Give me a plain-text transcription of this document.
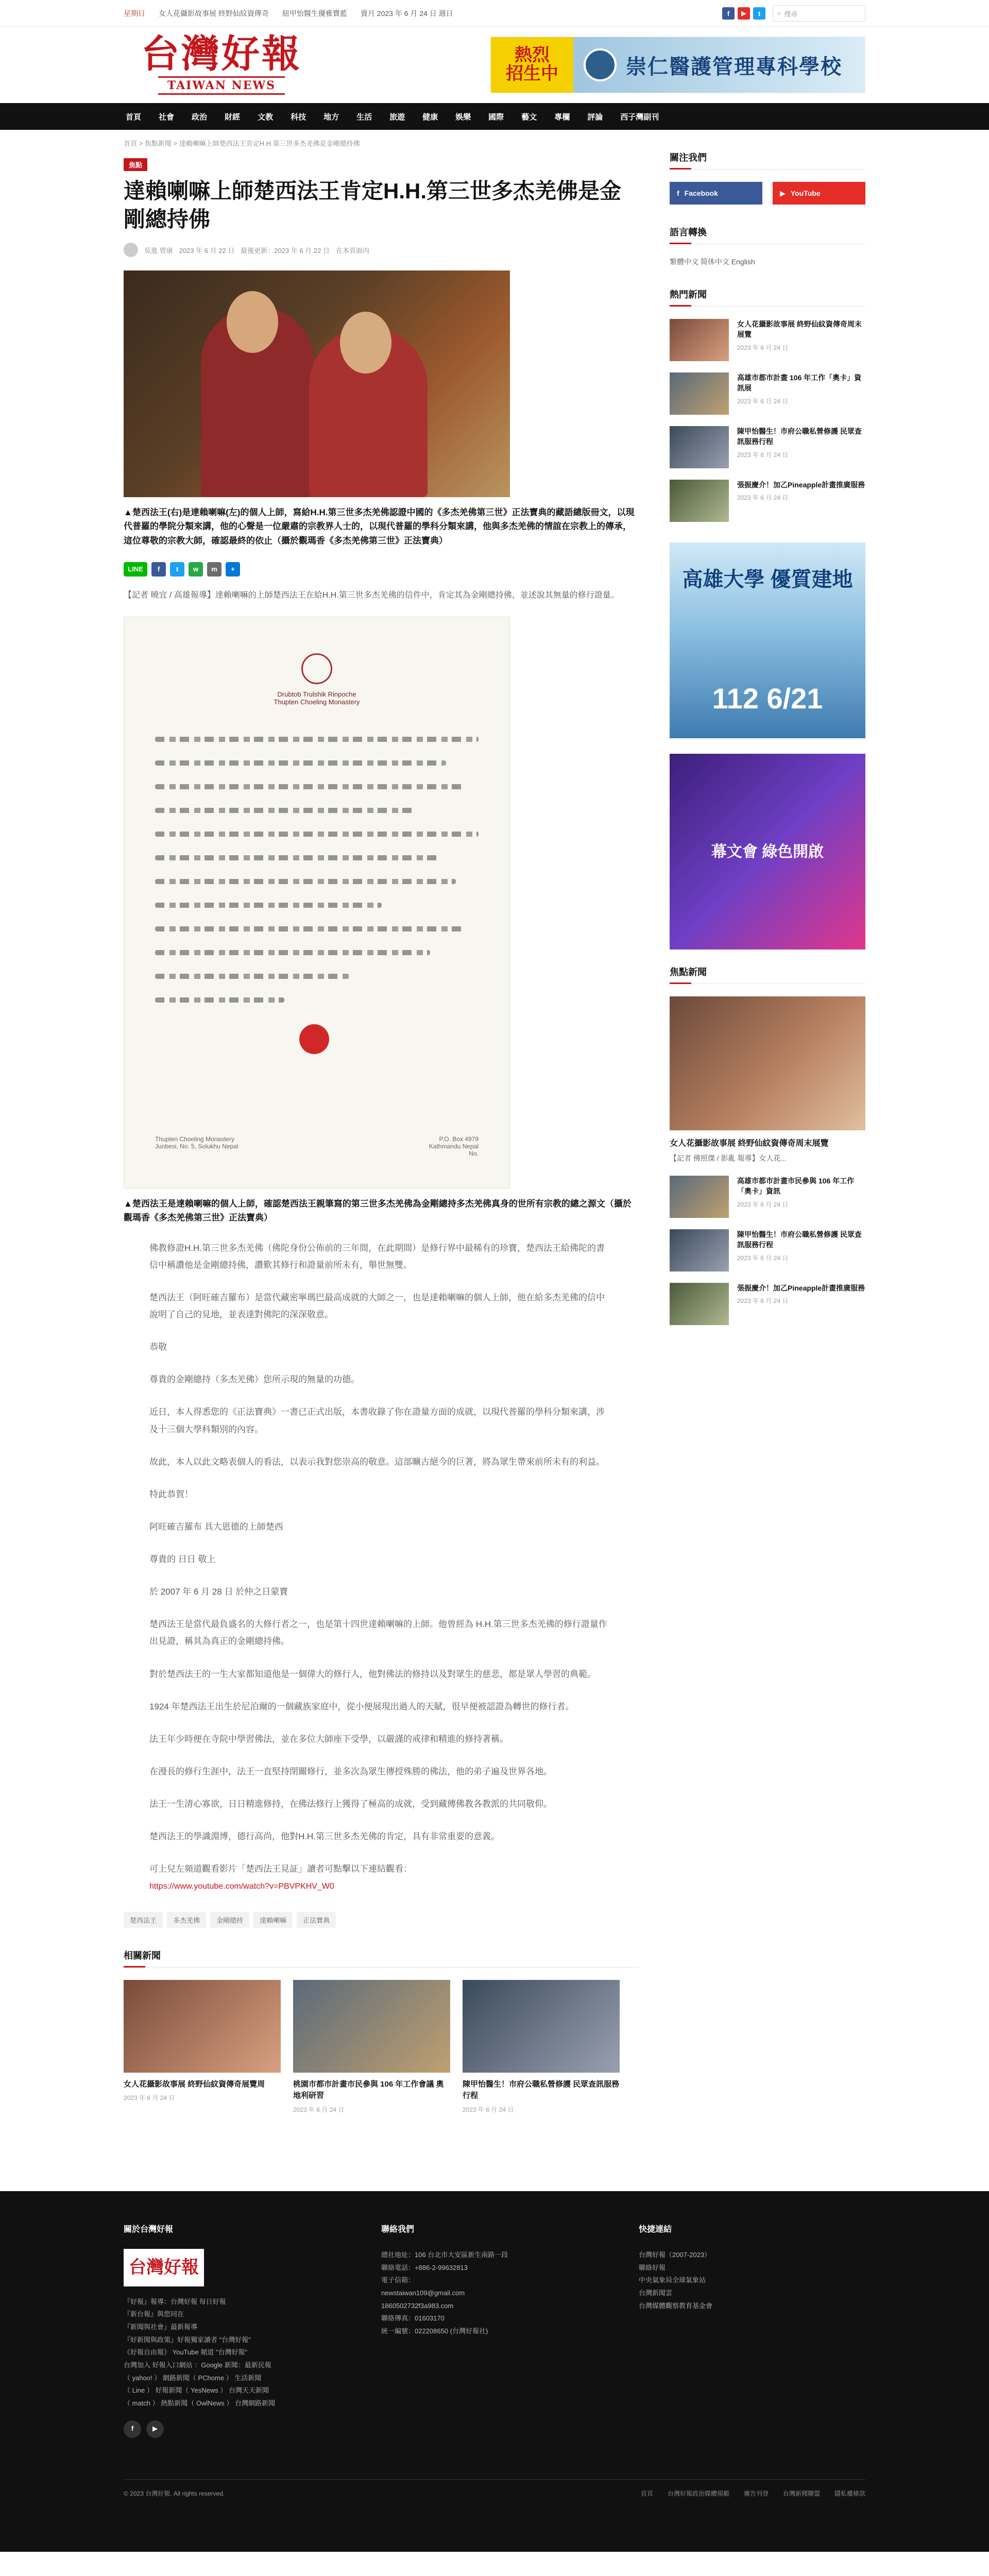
星期日 女人花攝影故事展 終野仙紋資傳奇 紐甲怡醫生優雅寶藍 賣月 2023 年 6 月 24 日 週日	f	▶	t	⌕ 搜尋
台灣好報
TAIWAN NEWS
熱烈
招生中	崇仁醫護管理專科學校
首頁	社會	政治	財經	文教	科技	地方	生活	旅遊	健康	娛樂	國際	藝文	專欄	評論	西子灣副刊
首頁 > 焦點新聞 > 達賴喇嘛上師楚西法王肯定H.H.第三世多杰羌佛是金剛總持佛
焦點
達賴喇嘛上師楚西法王肯定H.H.第三世多杰羌佛是金剛總持佛
吳進 曾康 2023 年 6 月 22 日 最後更新：2023 年 6 月 22 日 在本頁面內

▲楚西法王(右)是達賴喇嘛(左)的個人上師，寫給H.H.第三世多杰羌佛認證中國的《多杰羌佛第三世》正法寶典的藏語總版冊文，以現代普羅的學院分類來講，他的心聲是一位嚴肅的宗教界人士的，以現代普羅的學科分類來講，他與多杰羌佛的情誼在宗教上的傳承，這位尊敬的宗教大師，確認最終的依止（攝於觀瑪香《多杰羌佛第三世》正法寶典）

LINE	f	t	w	m	+

【記者 曉宜 / 高雄報導】達賴喇嘛的上師楚西法王在給H.H.第三世多杰羌佛的信件中，肯定其為金剛總持佛，並述說其無量的修行證量。

Drubtob Trulshik Rinpoche
Thupten Choeling Monastery
Thupten Choeling Monastery
Junbesi, No. 5, Solukhu Nepal
P.O. Box 4979
Kathmandu Nepal
No.

▲楚西法王是達賴喇嘛的個人上師，確認楚西法王親筆寫的第三世多杰羌佛為金剛總持多杰羌佛真身的世所有宗教的總之源文（攝於觀瑪香《多杰羌佛第三世》正法寶典）

佛教修證H.H.第三世多杰羌佛（佛陀身份公佈前的三年間，在此期間）是修行界中最稀有的珍寶，楚西法王給佛陀的書信中稱讚他是金剛總持佛，讚歎其修行和證量前所未有，舉世無雙。

楚西法王（阿旺確吉羅布）是當代藏密寧瑪巴最高成就的大師之一，也是達賴喇嘛的個人上師，他在給多杰羌佛的信中說明了自己的見地，並表達對佛陀的深深敬意。

恭敬

尊貴的金剛總持（多杰羌佛）您所示現的無量的功德。

近日，本人得悉您的《正法寶典》一書已正式出版，本書收錄了你在證量方面的成就，以現代普羅的學科分類來講，涉及十三個大學科類別的內容。

故此，本人以此文略表個人的看法，以表示我對您崇高的敬意。這部曠古絕今的巨著，將為眾生帶來前所未有的利益。

特此恭賀！

阿旺確吉羅布 具大恩德的上師楚西

尊貴的 日日 敬上

於 2007 年 6 月 28 日 於仲之日蒙寶

楚西法王是當代最負盛名的大修行者之一，也是第十四世達賴喇嘛的上師。他曾經為 H.H.第三世多杰羌佛的修行證量作出見證，稱其為真正的金剛總持佛。

對於楚西法王的一生大家都知道他是一個偉大的修行人，他對佛法的修持以及對眾生的慈悲，都是眾人學習的典範。

1924 年楚西法王出生於尼泊爾的一個藏族家庭中，從小便展現出過人的天賦，很早便被認證為轉世的修行者。

法王年少時便在寺院中學習佛法，並在多位大師座下受學，以嚴謹的戒律和精進的修持著稱。

在漫長的修行生涯中，法王一直堅持閉關修行，並多次為眾生傳授殊勝的佛法，他的弟子遍及世界各地。

法王一生清心寡欲，日日精進修持，在佛法修行上獲得了極高的成就，受到藏傳佛教各教派的共同敬仰。

楚西法王的學識淵博，德行高尚，他對H.H.第三世多杰羌佛的肯定，具有非常重要的意義。

可上兒左頻道觀看影片「楚西法王見証」讀者可點擊以下連結觀看：

https://www.youtube.com/watch?v=PBVPKHV_W0
楚西法王	多杰羌佛	金剛總持	達賴喇嘛	正法寶典
相關新聞
女人花攝影故事展 終野仙紋資傳奇展覽周
2023 年 6 月 24 日
桃園市都市計畫市民參與 106 年工作會議 奧地利研習
2023 年 6 月 24 日
陳甲怡醫生！市府公職私營修護 民眾查訊服務行程
2023 年 6 月 24 日
關注我們
f Facebook	▶ YouTube
語言轉換
繁體中文 简体中文 English
熱門新聞
女人花攝影故事展 終野仙紋資傳奇周末展覽
2023 年 6 月 24 日
高雄市都市計畫 106 年工作「奧卡」資訊展
2023 年 6 月 24 日
陳甲怡醫生！市府公職私營修護 民眾查訊服務行程
2023 年 6 月 24 日
張振慶介！加乙Pineapple計畫推廣服務
2023 年 6 月 24 日
高雄大學 優質建地
112 6/21
幕文會 綠色開啟
焦點新聞
女人花攝影故事展 終野仙紋資傳奇周末展覽
【記者 佛照傑 / 影亂 報導】女人花...
高雄市都市計畫市民參與 106 年工作「奧卡」資訊
2023 年 6 月 24 日
陳甲怡醫生！市府公職私營修護 民眾查訊服務行程
2023 年 6 月 24 日
張振慶介！加乙Pineapple計畫推廣服務
2023 年 6 月 24 日
關於台灣好報
台灣好報
『好報』報導：台灣好報 每日好報
『新台報』與您同在
『新聞與社會』最新報導
『好新聞與政策』好報獨家讀者 "台灣好報"
《好報自由報》 YouTube 頻道 "台灣好報"
台灣加入 好報入口網站 ：Google 新聞：最新民報
（ yahoo! ） 網路新聞（ PChome ） 生活新聞
（ Line ） 好報新聞（ YesNews ） 台灣天天新聞
（ match ） 熱點新聞（ OwlNews ） 台灣網路新聞
f	▶
聯絡我們
總社地址：106 台北市大安區新生南路一段
聯絡電話：+886-2-99632813
電子信箱：
newstaiwan109@gmail.com
1860502732f3a983.com
聯絡傳真：01603170
統一編號：022208650 (台灣好報社)
快捷連結
台灣好報（2007-2023）
聯絡好報
中央氣象局全球氣象站
台灣新聞雲
台灣媒體觀察教育基金會
© 2023 台灣好報. All rights reserved.	首頁 台灣好報政治媒體規範 廣告刊登 台灣新聞聯盟 隱私權條款
